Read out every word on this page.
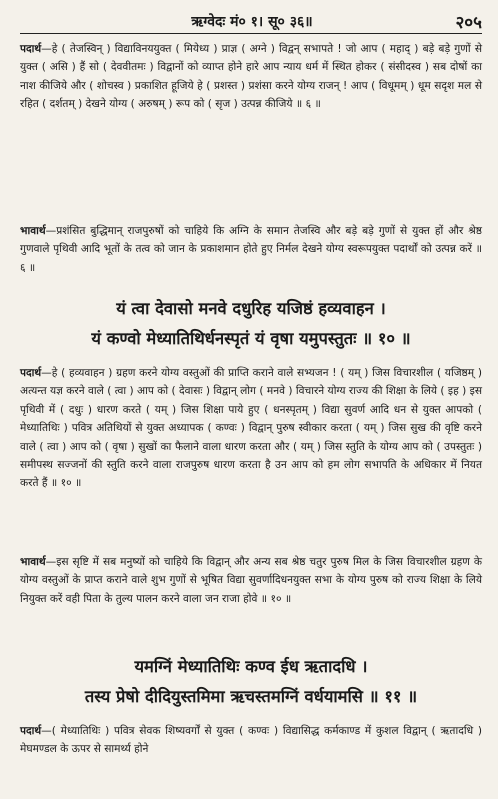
ऋग्वेदः मं० १। सू० ३६॥	२०५
पदार्थ—हे ( तेजस्विन् ) विद्याविनययुक्त ( मियेध्य ) प्राज्ञ ( अग्ने ) विद्वन् सभापते ! जो आप ( महाद् ) बड़े बड़े गुणों से युक्त ( असि ) हैं सो ( देववीतमः ) विद्वानों को व्याप्त होने हारे आप न्याय धर्म में स्थित होकर ( संसीदस्व ) सब दोषों का नाश कीजिये और ( शोचस्व ) प्रकाशित हूजिये हे ( प्रशस्त ) प्रशंसा करने योग्य राजन् ! आप ( विधूमम् ) धूम सदृश मल से रहित ( दर्शतम् ) देखने योग्य ( अरुषम् ) रूप को ( सृज ) उत्पन्न कीजिये ॥ ६ ॥
भावार्थ—प्रशंसित बुद्धिमान् राजपुरुषों को चाहिये कि अग्नि के समान तेजस्वि और बड़े बड़े गुणों से युक्त हों और श्रेष्ठ गुणवाले पृथिवी आदि भूतों के तत्व को जान के प्रकाशमान होते हुए निर्मल देखने योग्य स्वरूपयुक्त पदार्थों को उत्पन्न करें ॥ ६ ॥
यं त्वा देवासो मनवे दधुरिह यजिष्ठं हव्यवाहन ।
यं कण्वो मेध्यातिथिर्धनस्पृतं यं वृषा यमुपस्तुतः ॥ १० ॥
पदार्थ—हे ( हव्यवाहन ) ग्रहण करने योग्य वस्तुओं की प्राप्ति कराने वाले सभ्यजन ! ( यम् ) जिस विचारशील ( यजिष्ठम् ) अत्यन्त यज्ञ करने वाले ( त्वा ) आप को ( देवासः ) विद्वान् लोग ( मनवे ) विचारने योग्य राज्य की शिक्षा के लिये ( इह ) इस पृथिवी में ( दधुः ) धारण करते ( यम् ) जिस शिक्षा पाये हुए ( धनस्पृतम् ) विद्या सुवर्ण आदि धन से युक्त आपको ( मेध्यातिथिः ) पवित्र अतिथियों से युक्त अध्यापक ( कण्वः ) विद्वान् पुरुष स्वीकार करता ( यम् ) जिस सुख की वृष्टि करने वाले ( त्वा ) आप को ( वृषा ) सुखों का फैलाने वाला धारण करता और ( यम् ) जिस स्तुति के योग्य आप को ( उपस्तुतः ) समीपस्थ सज्जनों की स्तुति करने वाला राजपुरुष धारण करता है उन आप को हम लोग सभापति के अधिकार में नियत करते हैं ॥ १० ॥
भावार्थ—इस सृष्टि में सब मनुष्यों को चाहिये कि विद्वान् और अन्य सब श्रेष्ठ चतुर पुरुष मिल के जिस विचारशील ग्रहण के योग्य वस्तुओं के प्राप्त कराने वाले शुभ गुणों से भूषित विद्या सुवर्णादिधनयुक्त सभा के योग्य पुरुष को राज्य शिक्षा के लिये नियुक्त करें वही पिता के तुल्य पालन करने वाला जन राजा होवे ॥ १० ॥
यमग्निं मेध्यातिथिः कण्व ईध ऋतादधि ।
तस्य प्रेषो दीदियुस्तमिमा ऋचस्तमग्निं वर्धयामसि ॥ ११ ॥
पदार्थ—( मेध्यातिथिः ) पवित्र सेवक शिष्यवर्गों से युक्त ( कण्वः ) विद्यासिद्ध कर्मकाण्ड में कुशल विद्वान् ( ऋतादधि ) मेघमण्डल के ऊपर से सामर्थ्य होने
